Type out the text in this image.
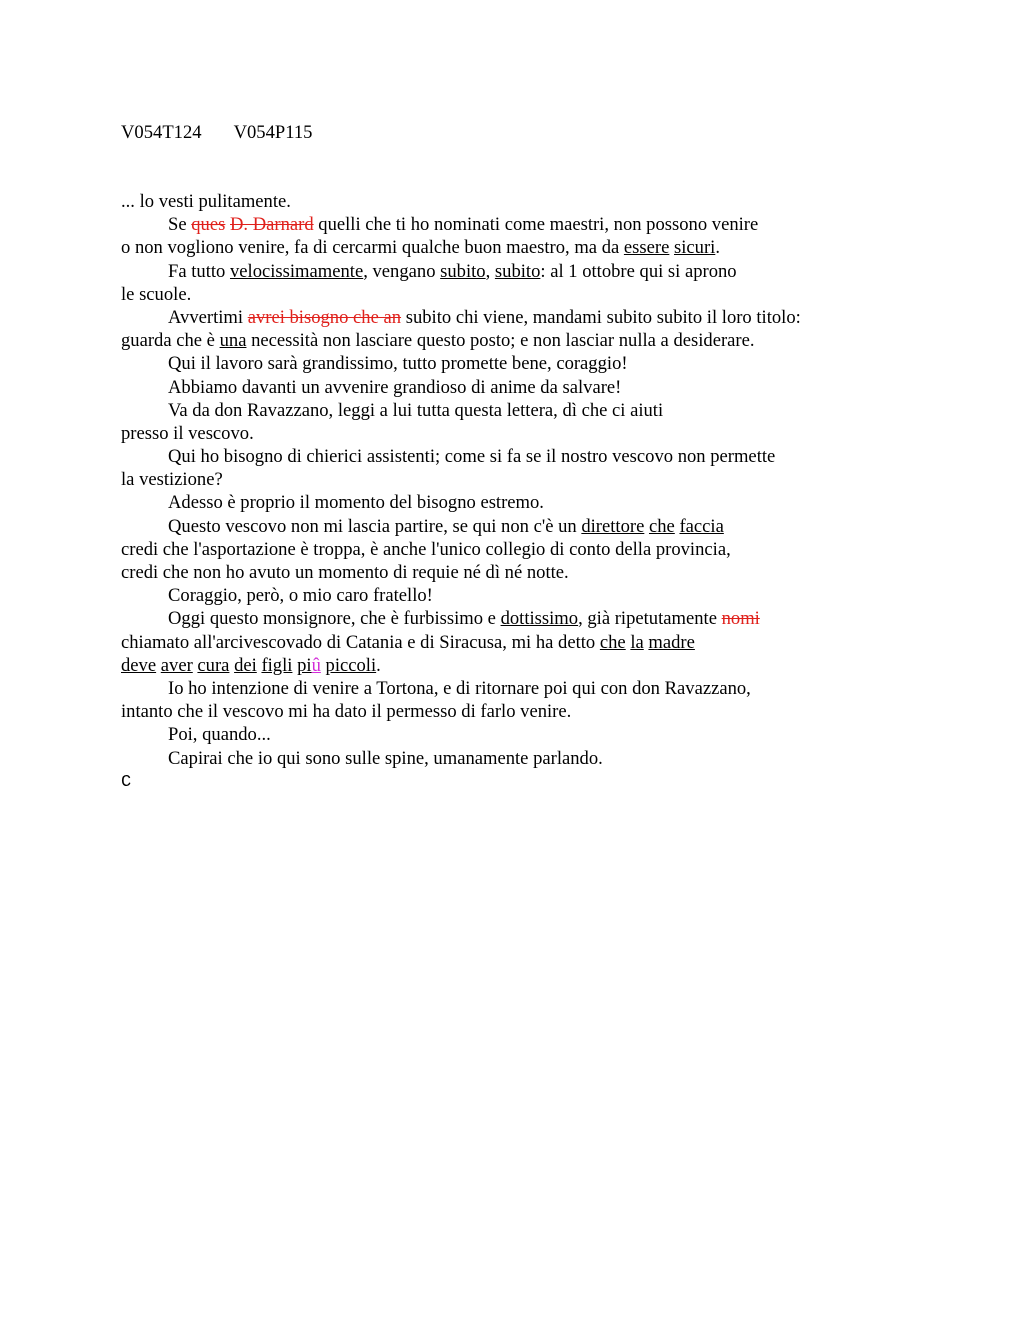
V054T124 V054P115
... lo vesti pulitamente.
Se ques D. Darnard quelli che ti ho nominati come maestri, non possono venire
o non vogliono venire, fa di cercarmi qualche buon maestro, ma da essere sicuri.
Fa tutto velocissimamente, vengano subito, subito: al 1 ottobre qui si aprono
le scuole.
Avvertimi avrei bisogno che an subito chi viene, mandami subito subito il loro titolo:
guarda che è una necessità non lasciare questo posto; e non lasciar nulla a desiderare.
Qui il lavoro sarà grandissimo, tutto promette bene, coraggio!
Abbiamo davanti un avvenire grandioso di anime da salvare!
Va da don Ravazzano, leggi a lui tutta questa lettera, dì che ci aiuti
presso il vescovo.
Qui ho bisogno di chierici assistenti; come si fa se il nostro vescovo non permette
la vestizione?
Adesso è proprio il momento del bisogno estremo.
Questo vescovo non mi lascia partire, se qui non c'è un direttore che faccia
credi che l'asportazione è troppa, è anche l'unico collegio di conto della provincia,
credi che non ho avuto un momento di requie né dì né notte.
Coraggio, però, o mio caro fratello!
Oggi questo monsignore, che è furbissimo e dottissimo, già ripetutamente nomi
chiamato all'arcivescovado di Catania e di Siracusa, mi ha detto che la madre
deve aver cura dei figli piû piccoli.
Io ho intenzione di venire a Tortona, e di ritornare poi qui con don Ravazzano,
intanto che il vescovo mi ha dato il permesso di farlo venire.
Poi, quando...
Capirai che io qui sono sulle spine, umanamente parlando.
C
